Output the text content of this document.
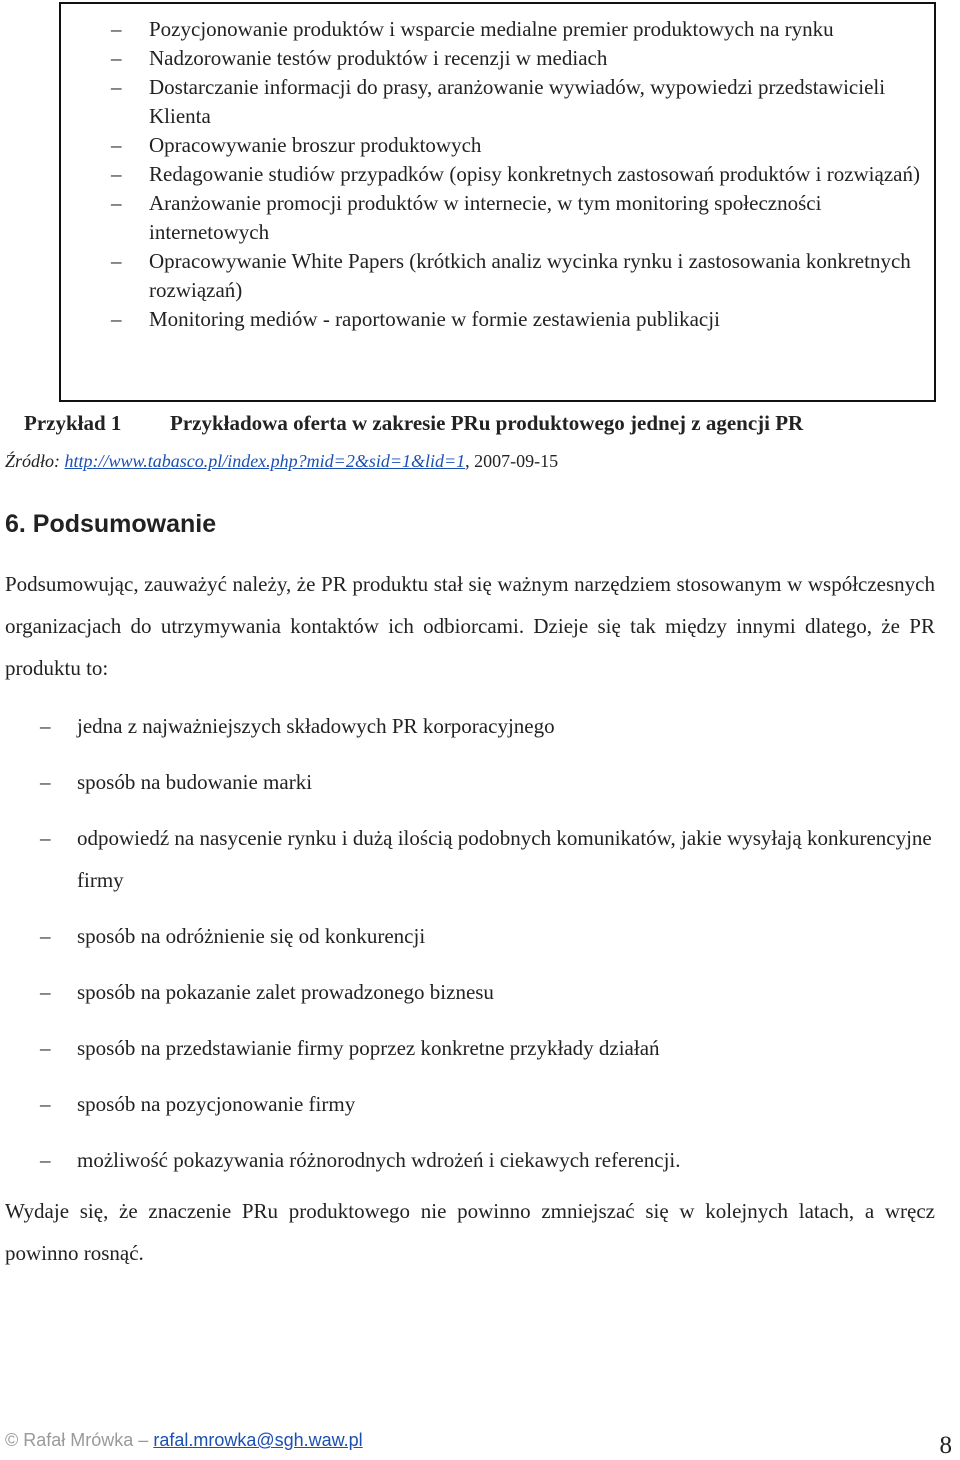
–	Pozycjonowanie produktów i wsparcie medialne premier produktowych na rynku
–	Nadzorowanie testów produktów i recenzji w mediach
–	Dostarczanie informacji do prasy, aranżowanie wywiadów, wypowiedzi przedstawicieli Klienta
–	Opracowywanie broszur produktowych
–	Redagowanie studiów przypadków (opisy konkretnych zastosowań produktów i rozwiązań)
–	Aranżowanie promocji produktów w internecie, w tym monitoring społeczności internetowych
–	Opracowywanie White Papers (krótkich analiz wycinka rynku i zastosowania konkretnych rozwiązań)
–	Monitoring mediów - raportowanie w formie zestawienia publikacji
Przykład 1 Przykładowa oferta w zakresie PRu produktowego jednej z agencji PR
Źródło: http://www.tabasco.pl/index.php?mid=2&sid=1&lid=1, 2007-09-15
6. Podsumowanie
Podsumowując, zauważyć należy, że PR produktu stał się ważnym narzędziem stosowanym w współczesnych organizacjach do utrzymywania kontaktów ich odbiorcami. Dzieje się tak między innymi dlatego, że PR produktu to:
– jedna z najważniejszych składowych PR korporacyjnego
– sposób na budowanie marki
– odpowiedź na nasycenie rynku i dużą ilością podobnych komunikatów, jakie wysyłają konkurencyjne firmy
– sposób na odróżnienie się od konkurencji
– sposób na pokazanie zalet prowadzonego biznesu
– sposób na przedstawianie firmy poprzez konkretne przykłady działań
– sposób na pozycjonowanie firmy
– możliwość pokazywania różnorodnych wdrożeń i ciekawych referencji.
Wydaje się, że znaczenie PRu produktowego nie powinno zmniejszać się w kolejnych latach, a wręcz powinno rosnąć.
© Rafał Mrówka – rafal.mrowka@sgh.waw.pl	8
